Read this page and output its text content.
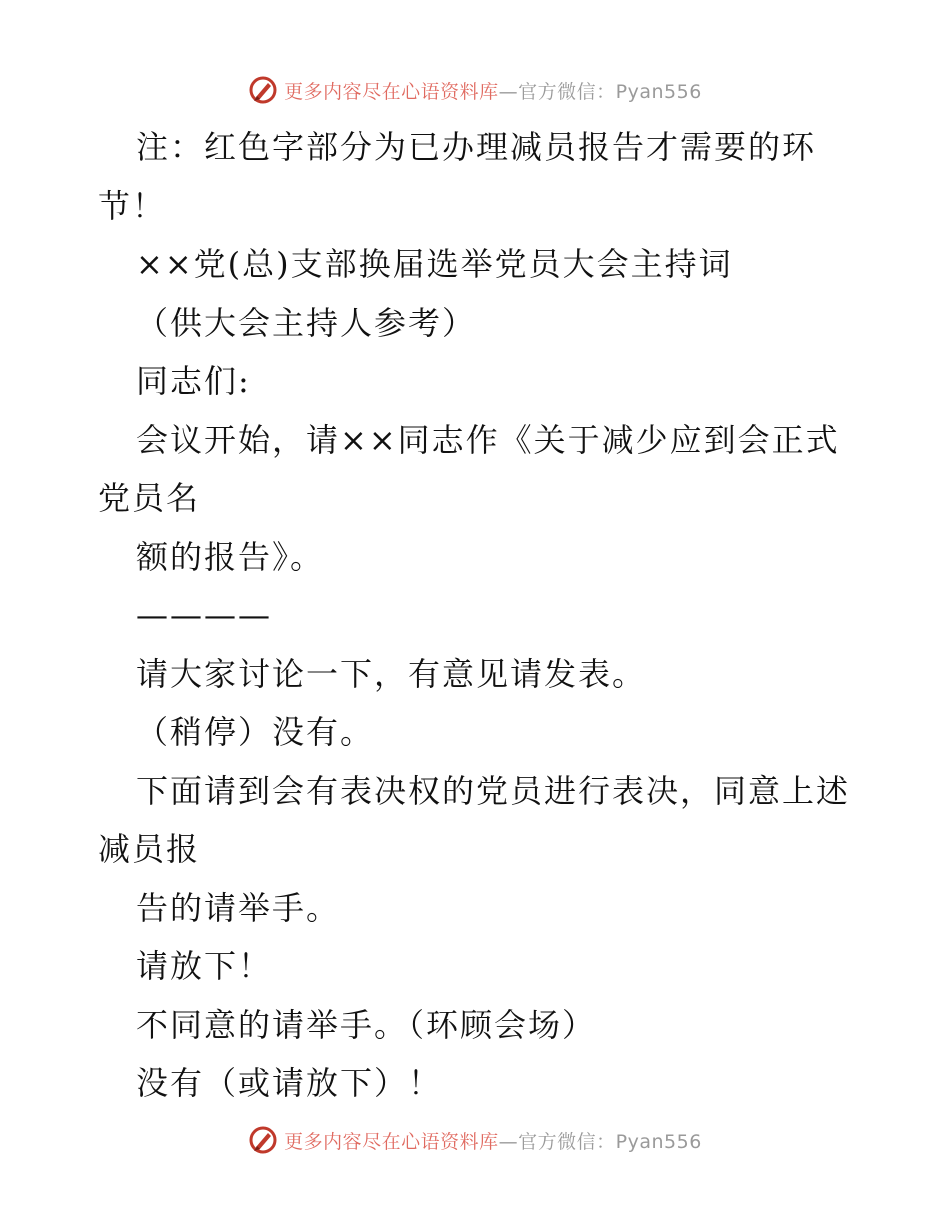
更多内容尽在心语资料库—官方微信：Pyan556
注：红色字部分为已办理减员报告才需要的环
节！
××党(总)支部换届选举党员大会主持词
（供大会主持人参考）
同志们:
会议开始，请××同志作《关于减少应到会正式
党员名
额的报告》。
————
请大家讨论一下，有意见请发表。
（稍停）没有。
下面请到会有表决权的党员进行表决，同意上述
减员报
告的请举手。
请放下！
不同意的请举手。（环顾会场）
没有（或请放下）！
更多内容尽在心语资料库—官方微信：Pyan556
